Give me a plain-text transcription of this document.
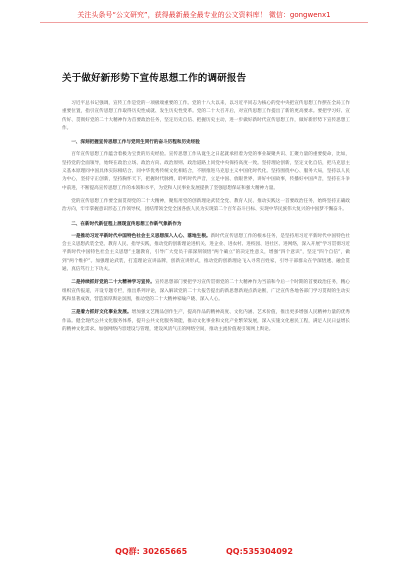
关注头条号“公文研究”，获得最新最全最专业的公文资料库！ 微信：gongwenx1
关于做好新形势下宣传思想工作的调研报告

习近平总书记强调，宣传工作是党的一项极端重要的工作。党的十八大以来，以习近平同志为核心的党中央把宣传思想工作摆在全局工作重要位置，指引宣传思想工作取得历史性成就、发生历史性变革。党的二十大召开后，对宣传思想工作提出了新的更高要求。要把学习好、宣传好、贯彻好党的二十大精神作为首要政治任务，坚定历史自信、把握历史主动，进一步做好新时代宣传思想工作，做好新形势下宣传思想工作。

一、深刻把握宣传思想工作与党同生同行的奋斗历程和历史经验

百年宣传思想工作蕴含着极为宝贵的历史经验。宣传思想工作从诞生之日起就承担着为党的事业凝聚共识、汇聚力量的重要使命，比如，坚持党的全面领导，始终在政治立场、政治方向、政治原则、政治道路上同党中央保持高度一致。坚持理论创新，坚定文化自信，把马克思主义基本原理同中国具体实际相结合、同中华优秀传统文化相结合，不断推进马克思主义中国化时代化。坚持围绕中心、服务大局，坚持以人民为中心，坚持守正创新，坚持胸怀天下，把握时代脉搏，聆听时代声音，立足中国、放眼世界，讲好中国故事，传播好中国声音，坚持在斗争中前进，不断提高宣传思想工作的本领和水平，为党和人民事业发展提供了坚强思想保证和强大精神力量。

党的宣传思想工作要全面贯彻党的二十大精神，聚焦用党的创新理论武装全党、教育人民、推动实践这一首要政治任务，始终坚持正确政治方向，牢牢掌握意识形态工作领导权，团结带领全党全国各族人民为实现第二个百年奋斗目标、实现中华民族伟大复兴的中国梦不懈奋斗。

二、在新时代新征程上展现宣传思想工作新气象新作为

一是推动习近平新时代中国特色社会主义思想深入人心、落地生根。新时代宣传思想工作的根本任务，是坚持用习近平新时代中国特色社会主义思想武装全党、教育人民、指导实践，推动党的创新理论进机关、进企业、进农村、进校园、进社区、进网络，深入开展“学习贯彻习近平新时代中国特色社会主义思想”主题教育，引导广大党员干部深刻领悟“两个确立”的决定性意义，增强“四个意识”，坚定“四个自信”，做到“两个维护”。加强理论武装，打造理论宣讲品牌，创新宣讲形式，推动党的创新理论飞入寻常百姓家，引导干部群众在学深悟透、融会贯通、真信笃行上下功夫。

二是持续抓好党的二十大精神学习宣传。宣传思想部门要把学习宣传贯彻党的二十大精神作为当前和今后一个时期的首要政治任务，精心组织宣传报道，开设专题专栏，推出系列评论，深入解读党的二十大报告提出的新思想新观点新论断，广泛宣传各地各部门学习贯彻的生动实践和显著成效，营造浓厚舆论氛围，推动党的二十大精神家喻户晓、深入人心。

三是着力抓好文化事业发展。增加强文艺精品创作生产，提高作品的精神高度、文化内涵、艺术价值，推出更多增强人民精神力量的优秀作品。健全现代公共文化服务体系，提升公共文化服务效能，推动文化事业和文化产业繁荣发展，深入实施文化惠民工程，满足人民日益增长的精神文化需求。加强网络内容建设与管理，建设风清气正的网络空间，推动主流价值观引领网上舆论。

QQ群: 30265665	QQ:535304092
